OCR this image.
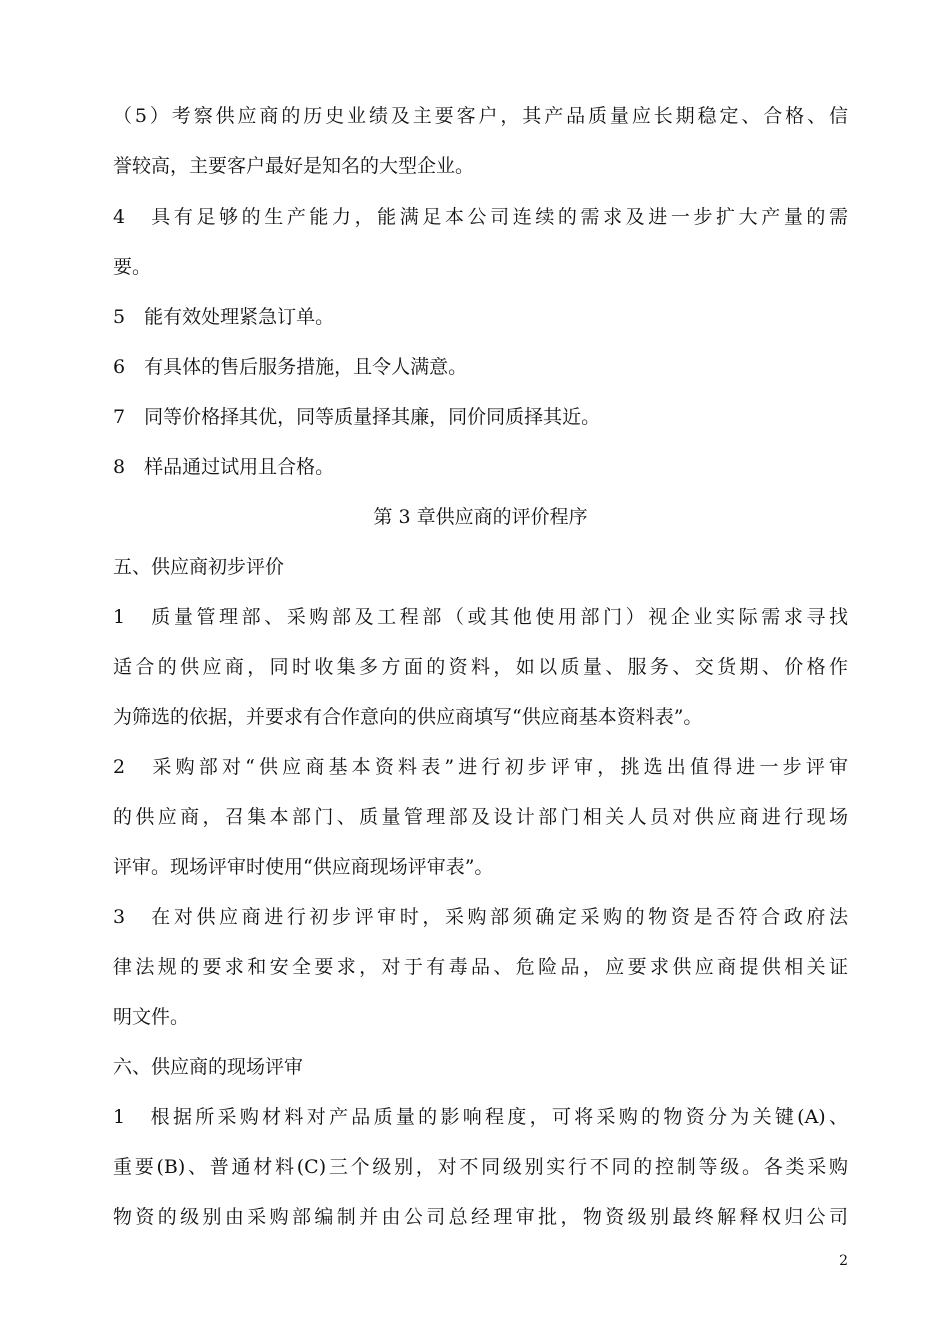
（5）考察供应商的历史业绩及主要客户，其产品质量应长期稳定、合格、信
誉较高，主要客户最好是知名的大型企业。
4　具有足够的生产能力，能满足本公司连续的需求及进一步扩大产量的需
要。
5　能有效处理紧急订单。
6　有具体的售后服务措施，且令人满意。
7　同等价格择其优，同等质量择其廉，同价同质择其近。
8　样品通过试用且合格。
第 3 章供应商的评价程序
五、供应商初步评价
1　质量管理部、采购部及工程部（或其他使用部门）视企业实际需求寻找
适合的供应商，同时收集多方面的资料，如以质量、服务、交货期、价格作
为筛选的依据，并要求有合作意向的供应商填写“供应商基本资料表”。
2　采购部对“供应商基本资料表”进行初步评审，挑选出值得进一步评审
的供应商，召集本部门、质量管理部及设计部门相关人员对供应商进行现场
评审。现场评审时使用“供应商现场评审表”。
3　在对供应商进行初步评审时，采购部须确定采购的物资是否符合政府法
律法规的要求和安全要求，对于有毒品、危险品，应要求供应商提供相关证
明文件。
六、供应商的现场评审
1　根据所采购材料对产品质量的影响程度，可将采购的物资分为关键(A)、
重要(B)、普通材料(C)三个级别，对不同级别实行不同的控制等级。各类采购
物资的级别由采购部编制并由公司总经理审批，物资级别最终解释权归公司
2
